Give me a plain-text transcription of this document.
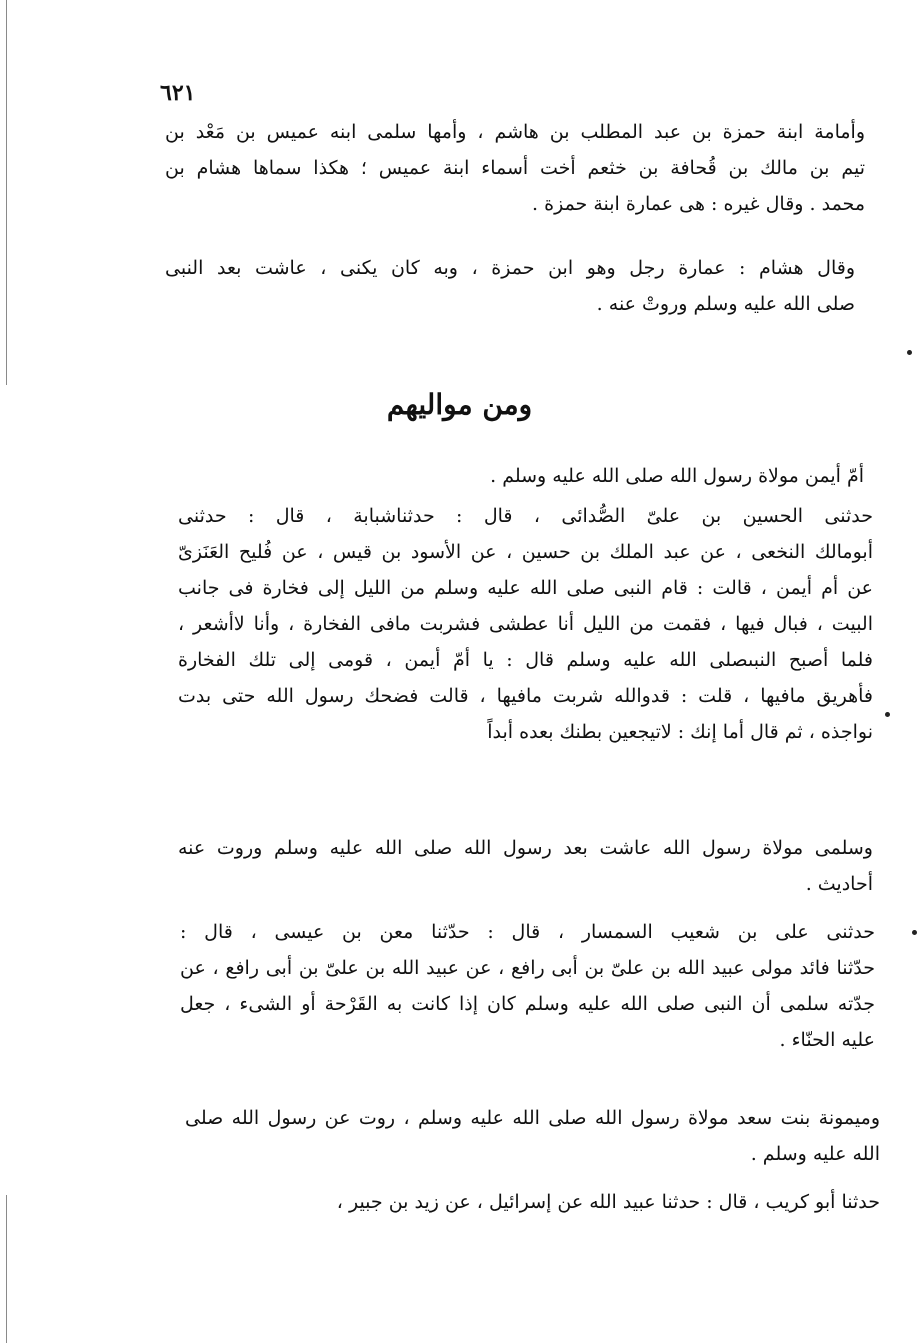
٦٢١
وأمامة ابنة حمزة بن عبد المطلب بن هاشم ، وأمها سلمى ابنه عميس بن مَعْد بن
تيم بن مالك بن قُحافة بن خثعم أخت أسماء ابنة عميس ؛ هكذا سماها هشام بن
محمد . وقال غيره : هى عمارة ابنة حمزة .
وقال هشام : عمارة رجل وهو ابن حمزة ، وبه كان يكنى ، عاشت بعد النبى
صلى الله عليه وسلم وروتْ عنه .
ومن مواليهم
أمّ أيمن مولاة رسول الله صلى الله عليه وسلم .
حدثنى الحسين بن علىّ الصُّدائى ، قال : حدثناشبابة ، قال : حدثنى
أبومالك النخعى ، عن عبد الملك بن حسين ، عن الأسود بن قيس ، عن فُليح العَنَزىّ
عن أم أيمن ، قالت : قام النبى صلى الله عليه وسلم من الليل إلى فخارة فى جانب
البيت ، فبال فيها ، فقمت من الليل أنا عطشى فشربت مافى الفخارة ، وأنا لاأشعر ،
فلما أصبح النبىصلى الله عليه وسلم قال : يا أمّ أيمن ، قومى إلى تلك الفخارة
فأهريق مافيها ، قلت : قدوالله شربت مافيها ، قالت فضحك رسول الله حتى بدت
نواجذه ، ثم قال أما إنك : لاتيجعين بطنك بعده أبداً
وسلمى مولاة رسول الله عاشت بعد رسول الله صلى الله عليه وسلم وروت عنه
أحاديث .
حدثنى على بن شعيب السمسار ، قال : حدّثنا معن بن عيسى ، قال :
حدّثنا فائد مولى عبيد الله بن علىّ بن أبى رافع ، عن عبيد الله بن علىّ بن أبى رافع ، عن
جدّته سلمى أن النبى صلى الله عليه وسلم كان إذا كانت به القَرْحة أو الشىء ، جعل
عليه الحنّاء .
وميمونة بنت سعد مولاة رسول الله صلى الله عليه وسلم ، روت عن رسول الله صلى
الله عليه وسلم .
حدثنا أبو كريب ، قال : حدثنا عبيد الله عن إسرائيل ، عن زيد بن جبير ،
